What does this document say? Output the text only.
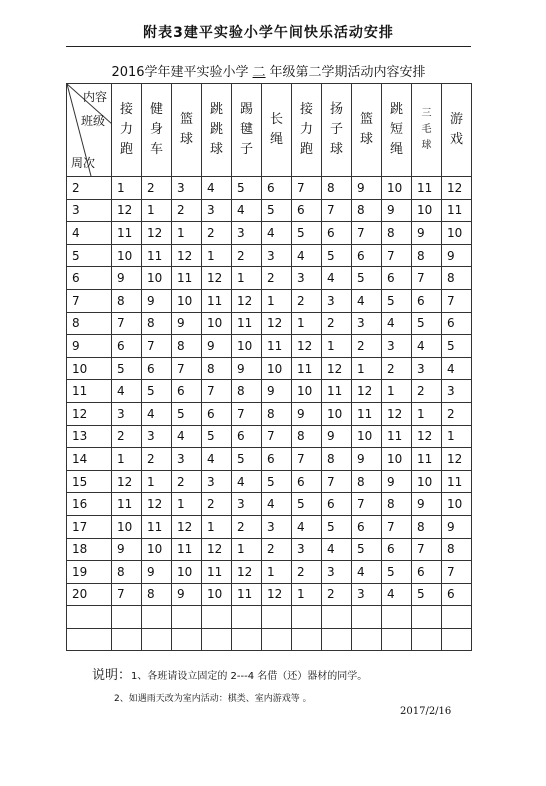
附表3建平实验小学午间快乐活动安排
2016学年建平实验小学 二 年级第二学期活动内容安排
内容
班级
周次	接力跑	健身车	篮球	跳跳球	踢毽子	长绳	接力跑	扬子球	篮球	跳短绳	三毛球	游戏
2	1	2	3	4	5	6	7	8	9	10	11	12
3	12	1	2	3	4	5	6	7	8	9	10	11
4	11	12	1	2	3	4	5	6	7	8	9	10
5	10	11	12	1	2	3	4	5	6	7	8	9
6	9	10	11	12	1	2	3	4	5	6	7	8
7	8	9	10	11	12	1	2	3	4	5	6	7
8	7	8	9	10	11	12	1	2	3	4	5	6
9	6	7	8	9	10	11	12	1	2	3	4	5
10	5	6	7	8	9	10	11	12	1	2	3	4
11	4	5	6	7	8	9	10	11	12	1	2	3
12	3	4	5	6	7	8	9	10	11	12	1	2
13	2	3	4	5	6	7	8	9	10	11	12	1
14	1	2	3	4	5	6	7	8	9	10	11	12
15	12	1	2	3	4	5	6	7	8	9	10	11
16	11	12	1	2	3	4	5	6	7	8	9	10
17	10	11	12	1	2	3	4	5	6	7	8	9
18	9	10	11	12	1	2	3	4	5	6	7	8
19	8	9	10	11	12	1	2	3	4	5	6	7
20	7	8	9	10	11	12	1	2	3	4	5	6

说明：1、各班请设立固定的 2---4 名借（还）器材的同学。
2、如遇雨天改为室内活动：棋类、室内游戏等 。
2017/2/16
